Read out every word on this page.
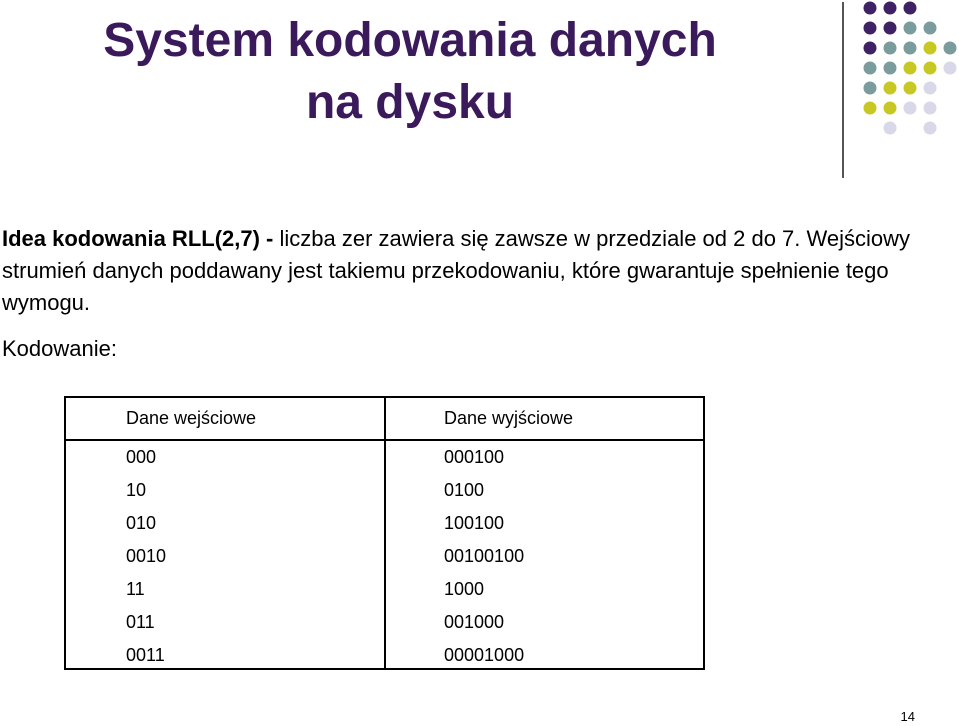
System kodowania danych
na dysku
Idea kodowania RLL(2,7) - liczba zer zawiera się zawsze w przedziale od 2 do 7. Wejściowy strumień danych poddawany jest takiemu przekodowaniu, które gwarantuje spełnienie tego wymogu.
Kodowanie:
Dane wejściowe	Dane wyjściowe
000	000100
10	0100
010	100100
0010	00100100
11	1000
011	001000
0011	00001000
14
